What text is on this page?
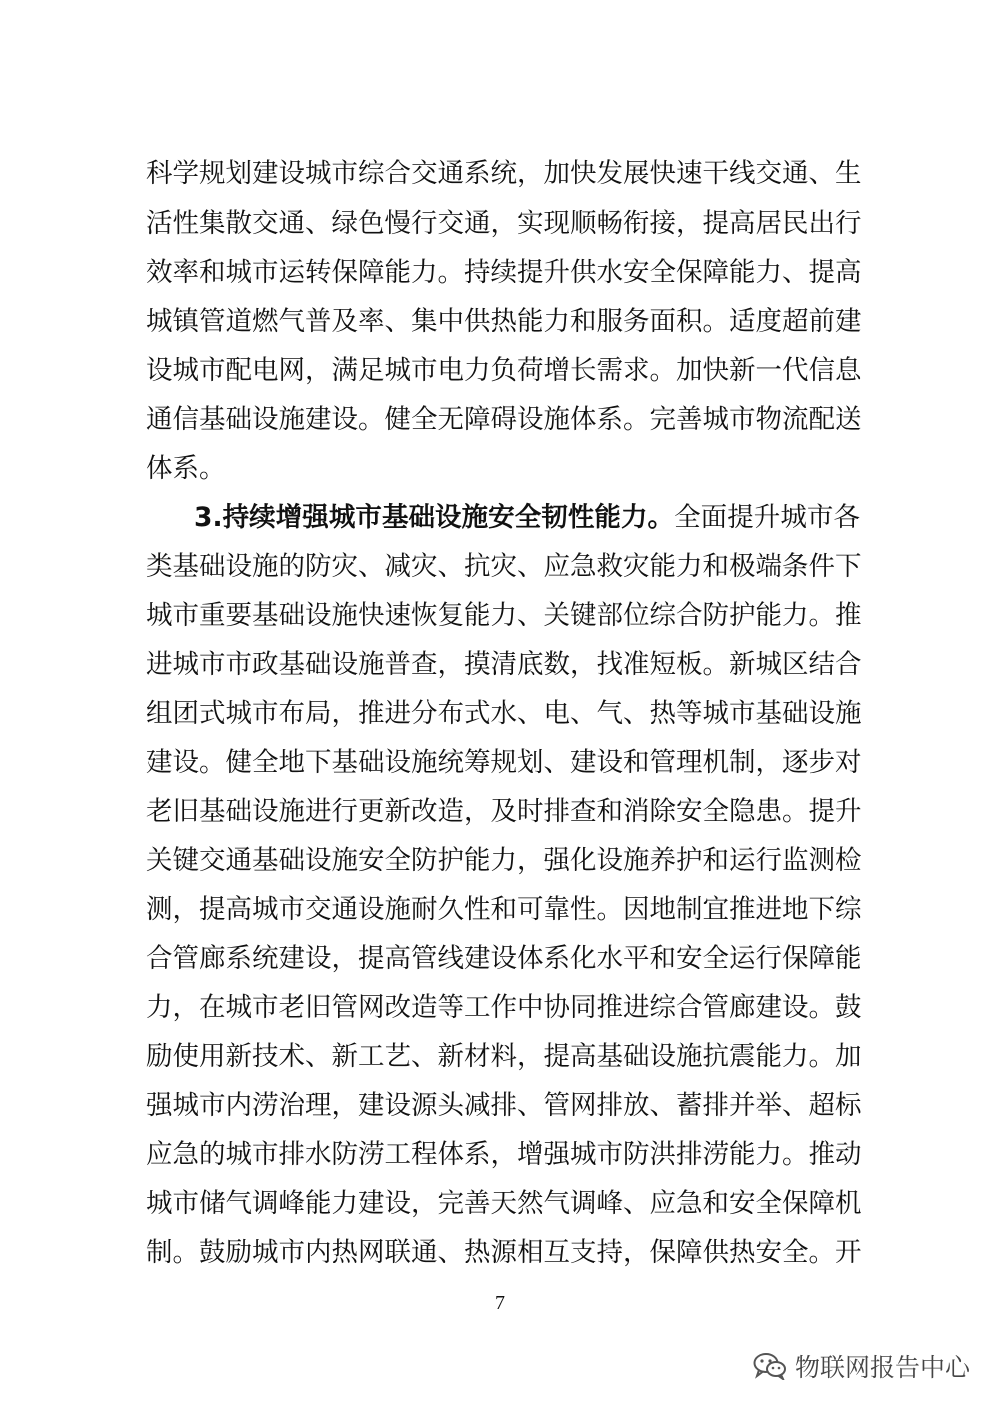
科学规划建设城市综合交通系统，加快发展快速干线交通、生
活性集散交通、绿色慢行交通，实现顺畅衔接，提高居民出行
效率和城市运转保障能力。持续提升供水安全保障能力、提高
城镇管道燃气普及率、集中供热能力和服务面积。适度超前建
设城市配电网，满足城市电力负荷增长需求。加快新一代信息
通信基础设施建设。健全无障碍设施体系。完善城市物流配送
体系。
3.持续增强城市基础设施安全韧性能力。全面提升城市各
类基础设施的防灾、减灾、抗灾、应急救灾能力和极端条件下
城市重要基础设施快速恢复能力、关键部位综合防护能力。推
进城市市政基础设施普查，摸清底数，找准短板。新城区结合
组团式城市布局，推进分布式水、电、气、热等城市基础设施
建设。健全地下基础设施统筹规划、建设和管理机制，逐步对
老旧基础设施进行更新改造，及时排查和消除安全隐患。提升
关键交通基础设施安全防护能力，强化设施养护和运行监测检
测，提高城市交通设施耐久性和可靠性。因地制宜推进地下综
合管廊系统建设，提高管线建设体系化水平和安全运行保障能
力，在城市老旧管网改造等工作中协同推进综合管廊建设。鼓
励使用新技术、新工艺、新材料，提高基础设施抗震能力。加
强城市内涝治理，建设源头减排、管网排放、蓄排并举、超标
应急的城市排水防涝工程体系，增强城市防洪排涝能力。推动
城市储气调峰能力建设，完善天然气调峰、应急和安全保障机
制。鼓励城市内热网联通、热源相互支持，保障供热安全。开
7
物联网报告中心
